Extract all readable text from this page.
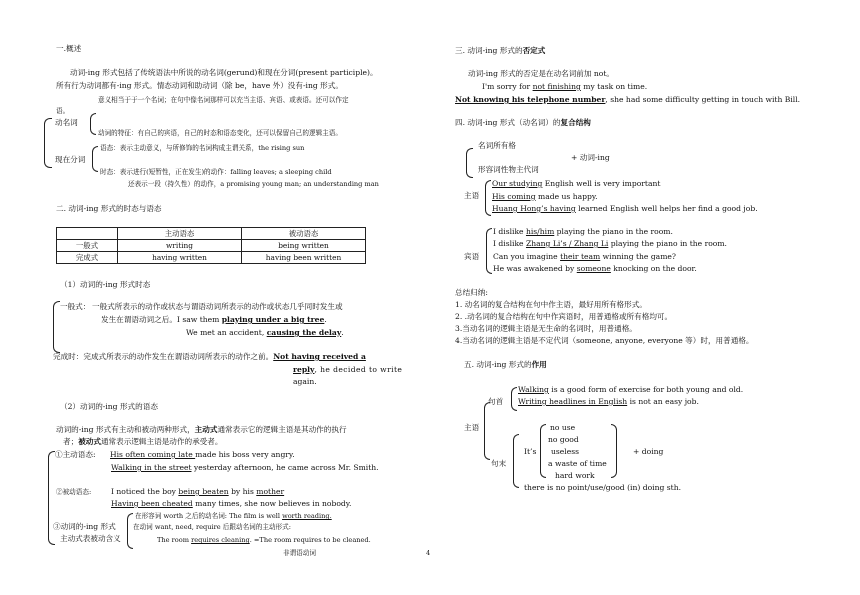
一.概述
动词-ing 形式包括了传统语法中所说的动名词(gerund)和现在分词(present participle)。
所有行为动词都有-ing 形式。情态动词和助动词（除 be，have 外）没有-ing 形式。
意义相当于于一个名词；在句中像名词那样可以充当主语、宾语、或表语。还可以作定
语。
动名词
动词的特征：有自己的宾语，自己的时态和语态变化，还可以保留自己的逻辑主语。
语态：表示主动意义，与所修饰的名词构成主谓关系，the rising sun
现在分词
时态：表示进行(短暂性，正在发生)的动作：falling leaves; a sleeping child
还表示一段（持久性）的动作，a promising young man; an understanding man
二. 动词-ing 形式的时态与语态
	主动语态	被动语态
一般式	writing	being written
完成式	having written	having been written
（1）动词的-ing 形式时态
一般式： 一般式所表示的动作或状态与谓语动词所表示的动作或状态几乎同时发生或
发生在谓语动词之后。I saw them playing under a big tree.
We met an accident, causing the delay.
完成时：完成式所表示的动作发生在谓语动词所表示的动作之前。Not having received a
reply, he decided to write
again.
（2）动词的-ing 形式的语态
动词的-ing 形式有主动和被动两种形式，主动式通常表示它的逻辑主语是其动作的执行
者；被动式通常表示逻辑主语是动作的承受者。
①主动语态: His often coming late made his boss very angry.
Walking in the street yesterday afternoon, he came across Mr. Smith.
②被动语态:	I noticed the boy being beaten by his mother
Having been cheated many times, she now believes in nobody.
③动词的-ing 形式
主动式表被动含义
在形容词 worth 之后的动名词: The film is well worth reading.
在动词 want, need, require 后跟动名词的主动形式:
The room requires cleaning. =The room requires to be cleaned.
非谓语动词	4
三. 动词-ing 形式的否定式
动词-ing 形式的否定是在动名词前加 not。
I'm sorry for not finishing my task on time.
Not knowing his telephone number, she had some difficulty getting in touch with Bill.
四. 动词-ing 形式（动名词）的复合结构
名词所有格
+ 动词-ing
形容词性物主代词
主语
Our studying English well is very important
His coming made us happy.
Huang Hong’s having learned English well helps her find a good job.
宾语
I dislike his/him playing the piano in the room.
I dislike Zhang Li’s / Zhang Li playing the piano in the room.
Can you imagine their team winning the game?
He was awakened by someone knocking on the door.
总结归纳:
1. 动名词的复合结构在句中作主语，最好用所有格形式。
2. .动名词的复合结构在句中作宾语时，用普通格或所有格均可。
3.当动名词的逻辑主语是无生命的名词时，用普通格。
4.当动名词的逻辑主语是不定代词（someone, anyone, everyone 等）时，用普通格。
五. 动词-ing 形式的作用
句首
Walking is a good form of exercise for both young and old.
Writing headlines in English is not an easy job.
主语
句末
It’s
no use
no good
useless
a waste of time
hard work
+ doing
there is no point/use/good (in) doing sth.
